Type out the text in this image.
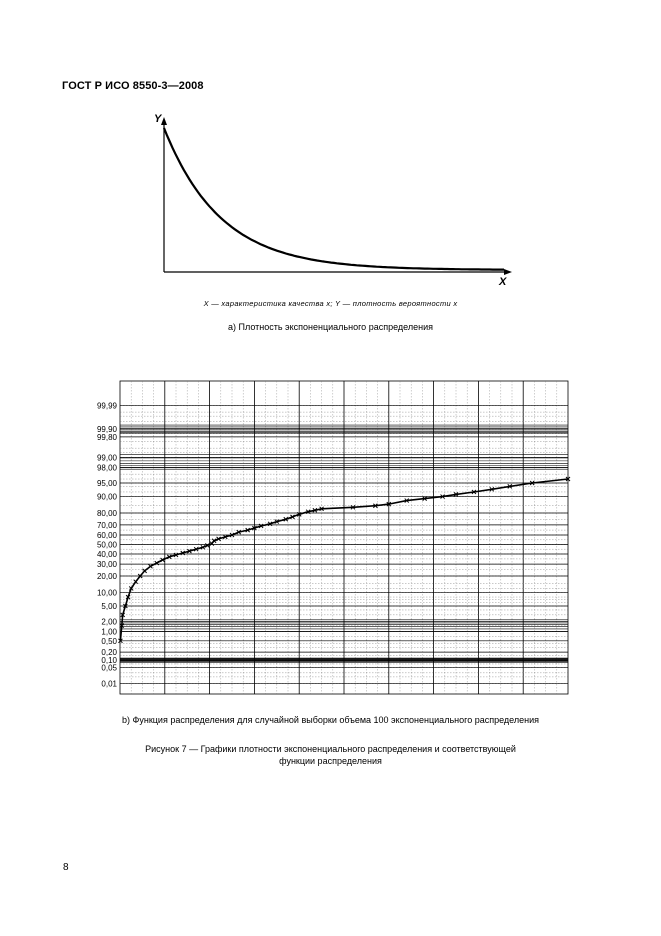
ГОСТ Р ИСО 8550-3—2008
Y
X
99,99
99,90
99,80
99,00
98,00
95,00
90,00
80,00
70,00
60,00
50,00
40,00
30,00
20,00
10,00
5,00
2,00
1,00
0,50
0,20
0,10
0,05
0,01
X — характеристика качества x; Y — плотность вероятности x
a) Плотность экспоненциального распределения
b) Функция распределения для случайной выборки объема 100 экспоненциального распределения
Рисунок 7 — Графики плотности экспоненциального распределения и соответствующей
функции распределения
8
